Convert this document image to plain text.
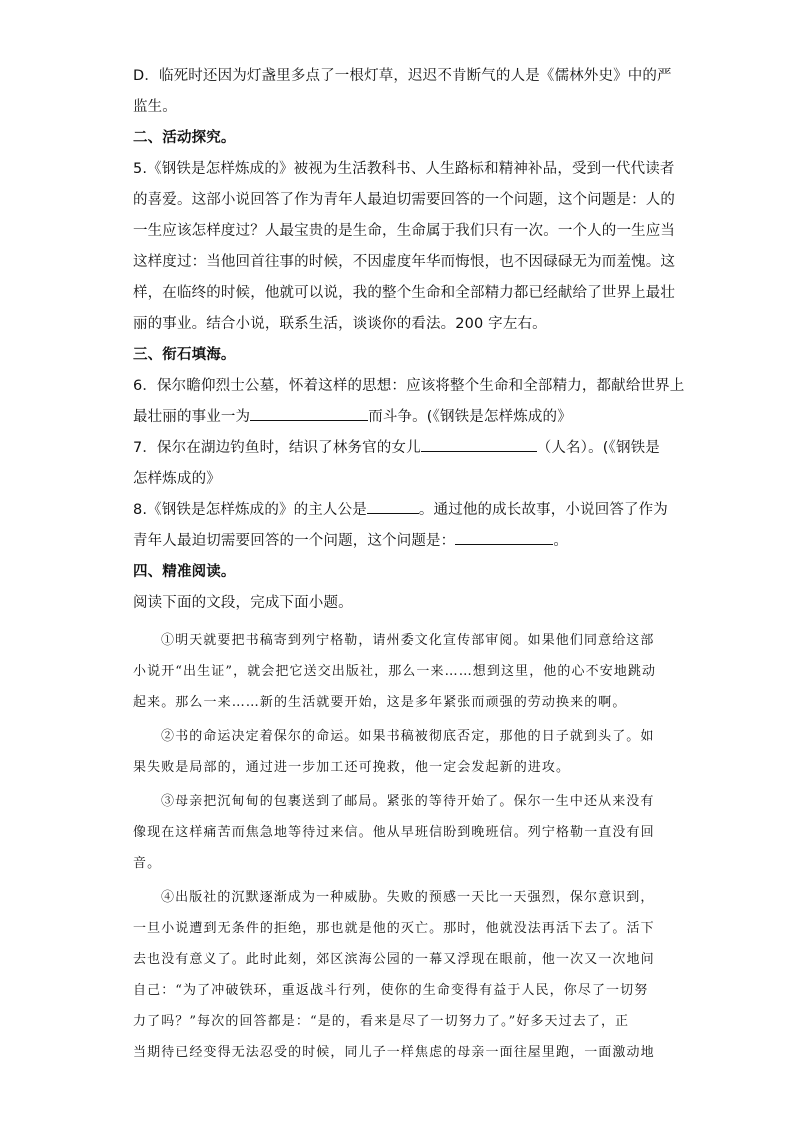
D．临死时还因为灯盏里多点了一根灯草，迟迟不肯断气的人是《儒林外史》中的严
监生。
二、活动探究。
5.《钢铁是怎样炼成的》被视为生活教科书、人生路标和精神补品，受到一代代读者
的喜爱。这部小说回答了作为青年人最迫切需要回答的一个问题，这个问题是：人的
一生应该怎样度过？人最宝贵的是生命，生命属于我们只有一次。一个人的一生应当
这样度过：当他回首往事的时候，不因虚度年华而悔恨，也不因碌碌无为而羞愧。这
样，在临终的时候，他就可以说，我的整个生命和全部精力都已经献给了世界上最壮
丽的事业。结合小说，联系生活，谈谈你的看法。200 字左右。
三、衔石填海。
6．保尔瞻仰烈士公墓，怀着这样的思想：应该将整个生命和全部精力，都献给世界上
最壮丽的事业一为	而斗争。(《钢铁是怎样炼成的》
7．保尔在湖边钓鱼时，结识了林务官的女儿	（人名）。(《钢铁是
怎样炼成的》
8.《钢铁是怎样炼成的》的主人公是	。通过他的成长故事，小说回答了作为
青年人最迫切需要回答的一个问题，这个问题是：	。
四、精准阅读。
阅读下面的文段，完成下面小题。
①明天就要把书稿寄到列宁格勒，请州委文化宣传部审阅。如果他们同意给这部
小说开“出生证”，就会把它送交出版社，那么一来……想到这里，他的心不安地跳动
起来。那么一来……新的生活就要开始，这是多年紧张而顽强的劳动换来的啊。
②书的命运决定着保尔的命运。如果书稿被彻底否定，那他的日子就到头了。如
果失败是局部的，通过进一步加工还可挽救，他一定会发起新的进攻。
③母亲把沉甸甸的包裹送到了邮局。紧张的等待开始了。保尔一生中还从来没有
像现在这样痛苦而焦急地等待过来信。他从早班信盼到晚班信。列宁格勒一直没有回
音。
④出版社的沉默逐渐成为一种威胁。失败的预感一天比一天强烈，保尔意识到，
一旦小说遭到无条件的拒绝，那也就是他的灭亡。那时，他就没法再活下去了。活下
去也没有意义了。此时此刻，郊区滨海公园的一幕又浮现在眼前，他一次又一次地问
自己：“为了冲破铁环，重返战斗行列，使你的生命变得有益于人民，你尽了一切努
力了吗？”每次的回答都是：“是的，看来是尽了一切努力了。”好多天过去了，正
当期待已经变得无法忍受的时候，同儿子一样焦虑的母亲一面往屋里跑，一面激动地
